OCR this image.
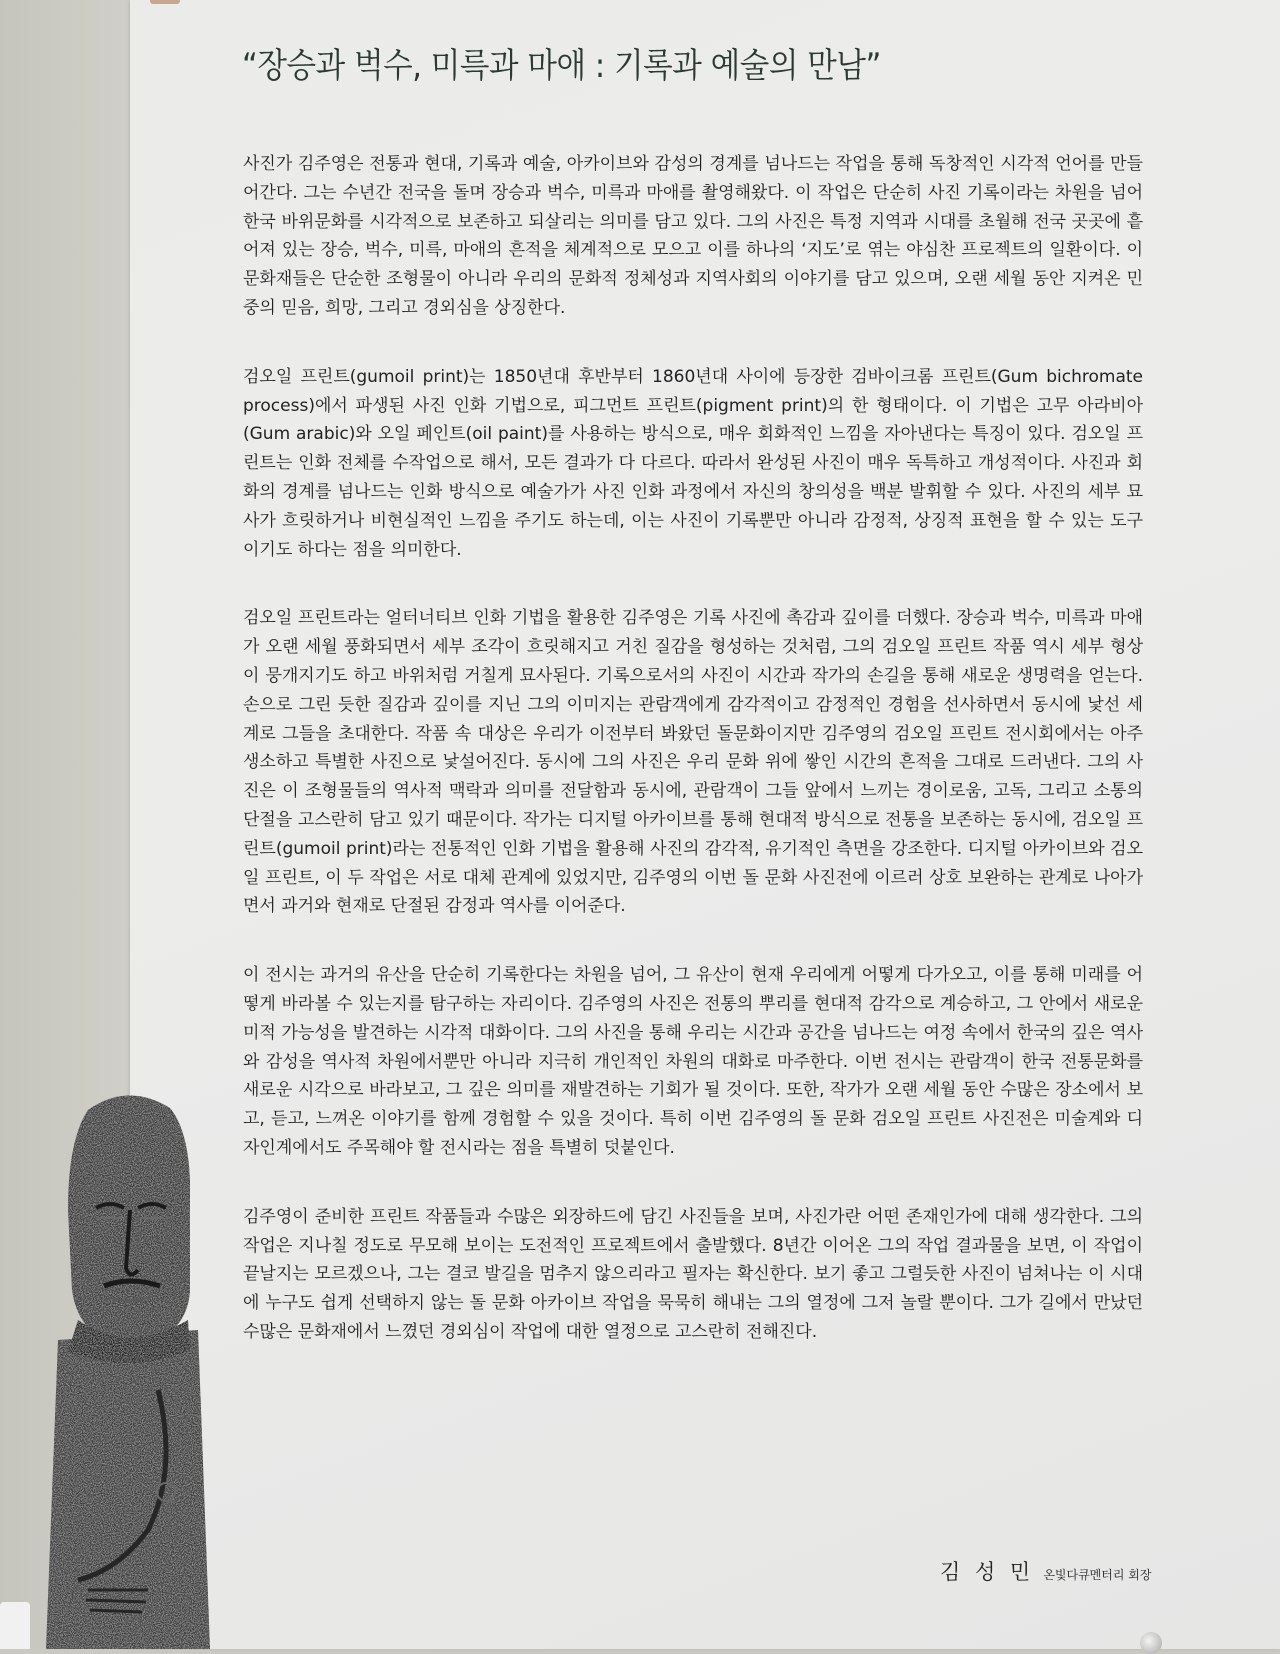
“장승과 벅수, 미륵과 마애 : 기록과 예술의 만남”

사진가 김주영은 전통과 현대, 기록과 예술, 아카이브와 감성의 경계를 넘나드는 작업을 통해 독창적인 시각적 언어를 만들어간다. 그는 수년간 전국을 돌며 장승과 벅수, 미륵과 마애를 촬영해왔다. 이 작업은 단순히 사진 기록이라는 차원을 넘어 한국 바위문화를 시각적으로 보존하고 되살리는 의미를 담고 있다. 그의 사진은 특정 지역과 시대를 초월해 전국 곳곳에 흩어져 있는 장승, 벅수, 미륵, 마애의 흔적을 체계적으로 모으고 이를 하나의 ‘지도’로 엮는 야심찬 프로젝트의 일환이다. 이 문화재들은 단순한 조형물이 아니라 우리의 문화적 정체성과 지역사회의 이야기를 담고 있으며, 오랜 세월 동안 지켜온 민중의 믿음, 희망, 그리고 경외심을 상징한다.

검오일 프린트(gumoil print)는 1850년대 후반부터 1860년대 사이에 등장한 검바이크롬 프린트(Gum bichromate process)에서 파생된 사진 인화 기법으로, 피그먼트 프린트(pigment print)의 한 형태이다. 이 기법은 고무 아라비아(Gum arabic)와 오일 페인트(oil paint)를 사용하는 방식으로, 매우 회화적인 느낌을 자아낸다는 특징이 있다. 검오일 프린트는 인화 전체를 수작업으로 해서, 모든 결과가 다 다르다. 따라서 완성된 사진이 매우 독특하고 개성적이다. 사진과 회화의 경계를 넘나드는 인화 방식으로 예술가가 사진 인화 과정에서 자신의 창의성을 백분 발휘할 수 있다. 사진의 세부 묘사가 흐릿하거나 비현실적인 느낌을 주기도 하는데, 이는 사진이 기록뿐만 아니라 감정적, 상징적 표현을 할 수 있는 도구이기도 하다는 점을 의미한다.

검오일 프린트라는 얼터너티브 인화 기법을 활용한 김주영은 기록 사진에 촉감과 깊이를 더했다. 장승과 벅수, 미륵과 마애가 오랜 세월 풍화되면서 세부 조각이 흐릿해지고 거친 질감을 형성하는 것처럼, 그의 검오일 프린트 작품 역시 세부 형상이 뭉개지기도 하고 바위처럼 거칠게 묘사된다. 기록으로서의 사진이 시간과 작가의 손길을 통해 새로운 생명력을 얻는다. 손으로 그린 듯한 질감과 깊이를 지닌 그의 이미지는 관람객에게 감각적이고 감정적인 경험을 선사하면서 동시에 낯선 세계로 그들을 초대한다. 작품 속 대상은 우리가 이전부터 봐왔던 돌문화이지만 김주영의 검오일 프린트 전시회에서는 아주 생소하고 특별한 사진으로 낯설어진다. 동시에 그의 사진은 우리 문화 위에 쌓인 시간의 흔적을 그대로 드러낸다. 그의 사진은 이 조형물들의 역사적 맥락과 의미를 전달함과 동시에, 관람객이 그들 앞에서 느끼는 경이로움, 고독, 그리고 소통의 단절을 고스란히 담고 있기 때문이다. 작가는 디지털 아카이브를 통해 현대적 방식으로 전통을 보존하는 동시에, 검오일 프린트(gumoil print)라는 전통적인 인화 기법을 활용해 사진의 감각적, 유기적인 측면을 강조한다. 디지털 아카이브와 검오일 프린트, 이 두 작업은 서로 대체 관계에 있었지만, 김주영의 이번 돌 문화 사진전에 이르러 상호 보완하는 관계로 나아가면서 과거와 현재로 단절된 감정과 역사를 이어준다.

이 전시는 과거의 유산을 단순히 기록한다는 차원을 넘어, 그 유산이 현재 우리에게 어떻게 다가오고, 이를 통해 미래를 어떻게 바라볼 수 있는지를 탐구하는 자리이다. 김주영의 사진은 전통의 뿌리를 현대적 감각으로 계승하고, 그 안에서 새로운 미적 가능성을 발견하는 시각적 대화이다. 그의 사진을 통해 우리는 시간과 공간을 넘나드는 여정 속에서 한국의 깊은 역사와 감성을 역사적 차원에서뿐만 아니라 지극히 개인적인 차원의 대화로 마주한다. 이번 전시는 관람객이 한국 전통문화를 새로운 시각으로 바라보고, 그 깊은 의미를 재발견하는 기회가 될 것이다. 또한, 작가가 오랜 세월 동안 수많은 장소에서 보고, 듣고, 느껴온 이야기를 함께 경험할 수 있을 것이다. 특히 이번 김주영의 돌 문화 검오일 프린트 사진전은 미술계와 디자인계에서도 주목해야 할 전시라는 점을 특별히 덧붙인다.

김주영이 준비한 프린트 작품들과 수많은 외장하드에 담긴 사진들을 보며, 사진가란 어떤 존재인가에 대해 생각한다. 그의 작업은 지나칠 정도로 무모해 보이는 도전적인 프로젝트에서 출발했다. 8년간 이어온 그의 작업 결과물을 보면, 이 작업이 끝날지는 모르겠으나, 그는 결코 발길을 멈추지 않으리라고 필자는 확신한다. 보기 좋고 그럴듯한 사진이 넘쳐나는 이 시대에 누구도 쉽게 선택하지 않는 돌 문화 아카이브 작업을 묵묵히 해내는 그의 열정에 그저 놀랄 뿐이다. 그가 길에서 만났던 수많은 문화재에서 느꼈던 경외심이 작업에 대한 열정으로 고스란히 전해진다.

김 성 민 온빛다큐멘터리 회장
